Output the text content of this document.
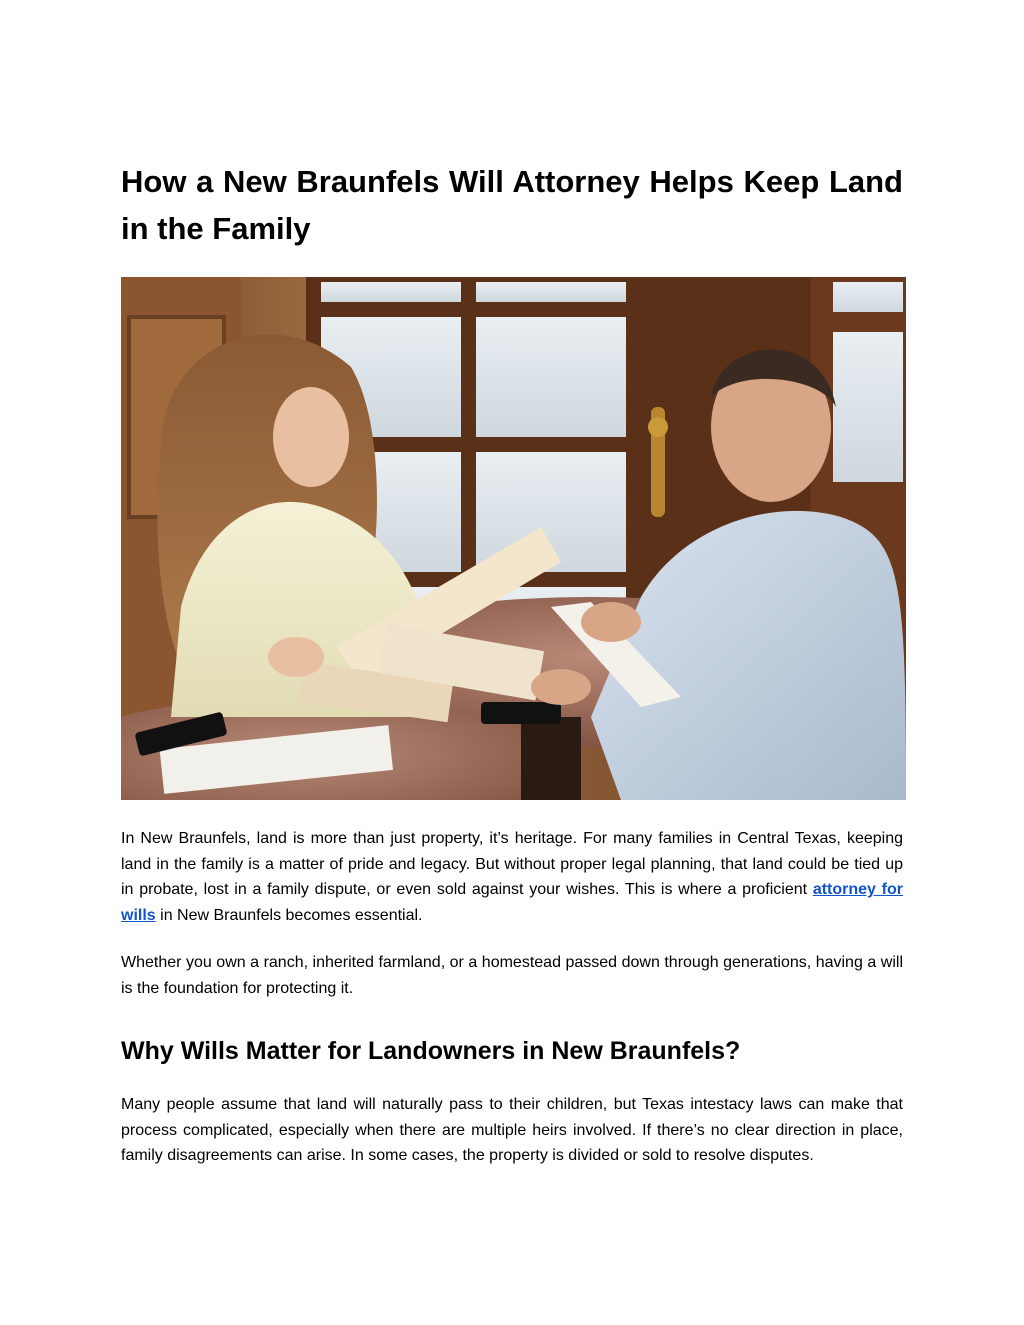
How a New Braunfels Will Attorney Helps Keep Land in the Family

In New Braunfels, land is more than just property, it’s heritage. For many families in Central Texas, keeping land in the family is a matter of pride and legacy. But without proper legal planning, that land could be tied up in probate, lost in a family dispute, or even sold against your wishes. This is where a proficient attorney for wills in New Braunfels becomes essential.

Whether you own a ranch, inherited farmland, or a homestead passed down through generations, having a will is the foundation for protecting it.

Why Wills Matter for Landowners in New Braunfels?

Many people assume that land will naturally pass to their children, but Texas intestacy laws can make that process complicated, especially when there are multiple heirs involved. If there’s no clear direction in place, family disagreements can arise. In some cases, the property is divided or sold to resolve disputes.
